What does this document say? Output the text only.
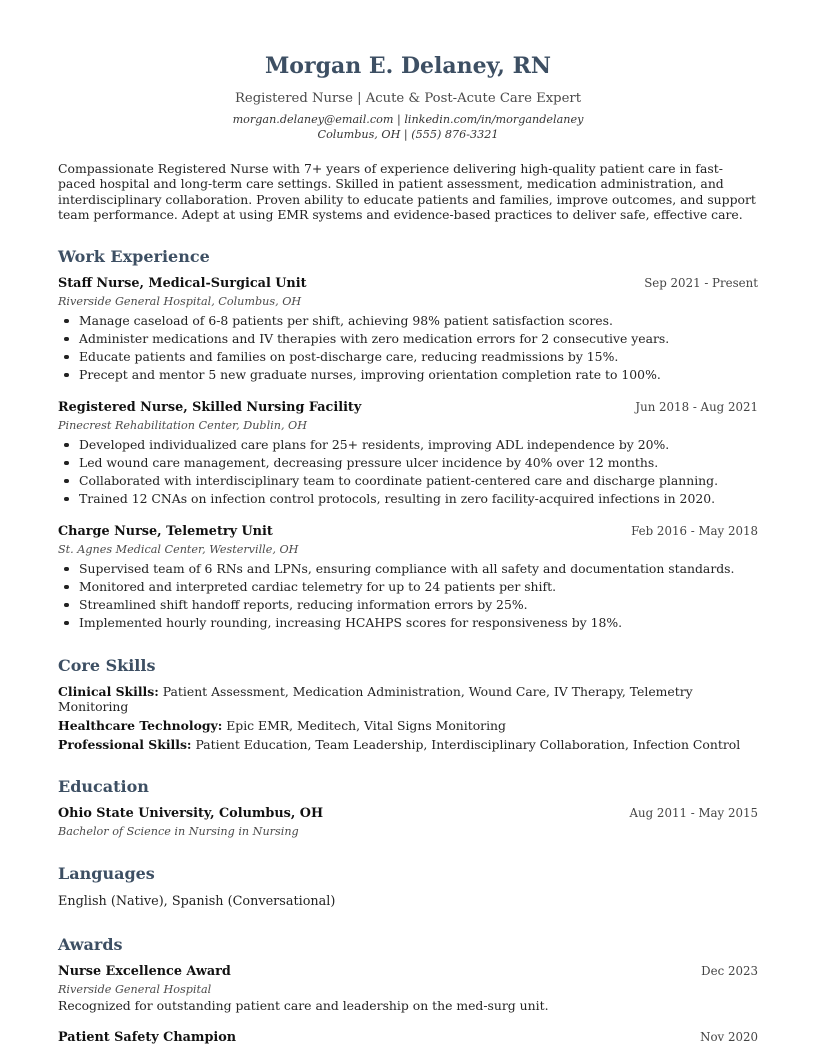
Morgan E. Delaney, RN
Registered Nurse | Acute & Post-Acute Care Expert
morgan.delaney@email.com | linkedin.com/in/morgandelaney
Columbus, OH | (555) 876-3321

Compassionate Registered Nurse with 7+ years of experience delivering high-quality patient care in fast-paced hospital and long-term care settings. Skilled in patient assessment, medication administration, and interdisciplinary collaboration. Proven ability to educate patients and families, improve outcomes, and support team performance. Adept at using EMR systems and evidence-based practices to deliver safe, effective care.

Work Experience
Staff Nurse, Medical-Surgical Unit	Sep 2021 - Present
Riverside General Hospital, Columbus, OH
Manage caseload of 6-8 patients per shift, achieving 98% patient satisfaction scores.
Administer medications and IV therapies with zero medication errors for 2 consecutive years.
Educate patients and families on post-discharge care, reducing readmissions by 15%.
Precept and mentor 5 new graduate nurses, improving orientation completion rate to 100%.
Registered Nurse, Skilled Nursing Facility	Jun 2018 - Aug 2021
Pinecrest Rehabilitation Center, Dublin, OH
Developed individualized care plans for 25+ residents, improving ADL independence by 20%.
Led wound care management, decreasing pressure ulcer incidence by 40% over 12 months.
Collaborated with interdisciplinary team to coordinate patient-centered care and discharge planning.
Trained 12 CNAs on infection control protocols, resulting in zero facility-acquired infections in 2020.
Charge Nurse, Telemetry Unit	Feb 2016 - May 2018
St. Agnes Medical Center, Westerville, OH
Supervised team of 6 RNs and LPNs, ensuring compliance with all safety and documentation standards.
Monitored and interpreted cardiac telemetry for up to 24 patients per shift.
Streamlined shift handoff reports, reducing information errors by 25%.
Implemented hourly rounding, increasing HCAHPS scores for responsiveness by 18%.
Core Skills
Clinical Skills: Patient Assessment, Medication Administration, Wound Care, IV Therapy, Telemetry Monitoring
Healthcare Technology: Epic EMR, Meditech, Vital Signs Monitoring
Professional Skills: Patient Education, Team Leadership, Interdisciplinary Collaboration, Infection Control
Education
Ohio State University, Columbus, OH	Aug 2011 - May 2015
Bachelor of Science in Nursing in Nursing
Languages
English (Native), Spanish (Conversational)
Awards
Nurse Excellence Award	Dec 2023
Riverside General Hospital
Recognized for outstanding patient care and leadership on the med-surg unit.
Patient Safety Champion	Nov 2020
